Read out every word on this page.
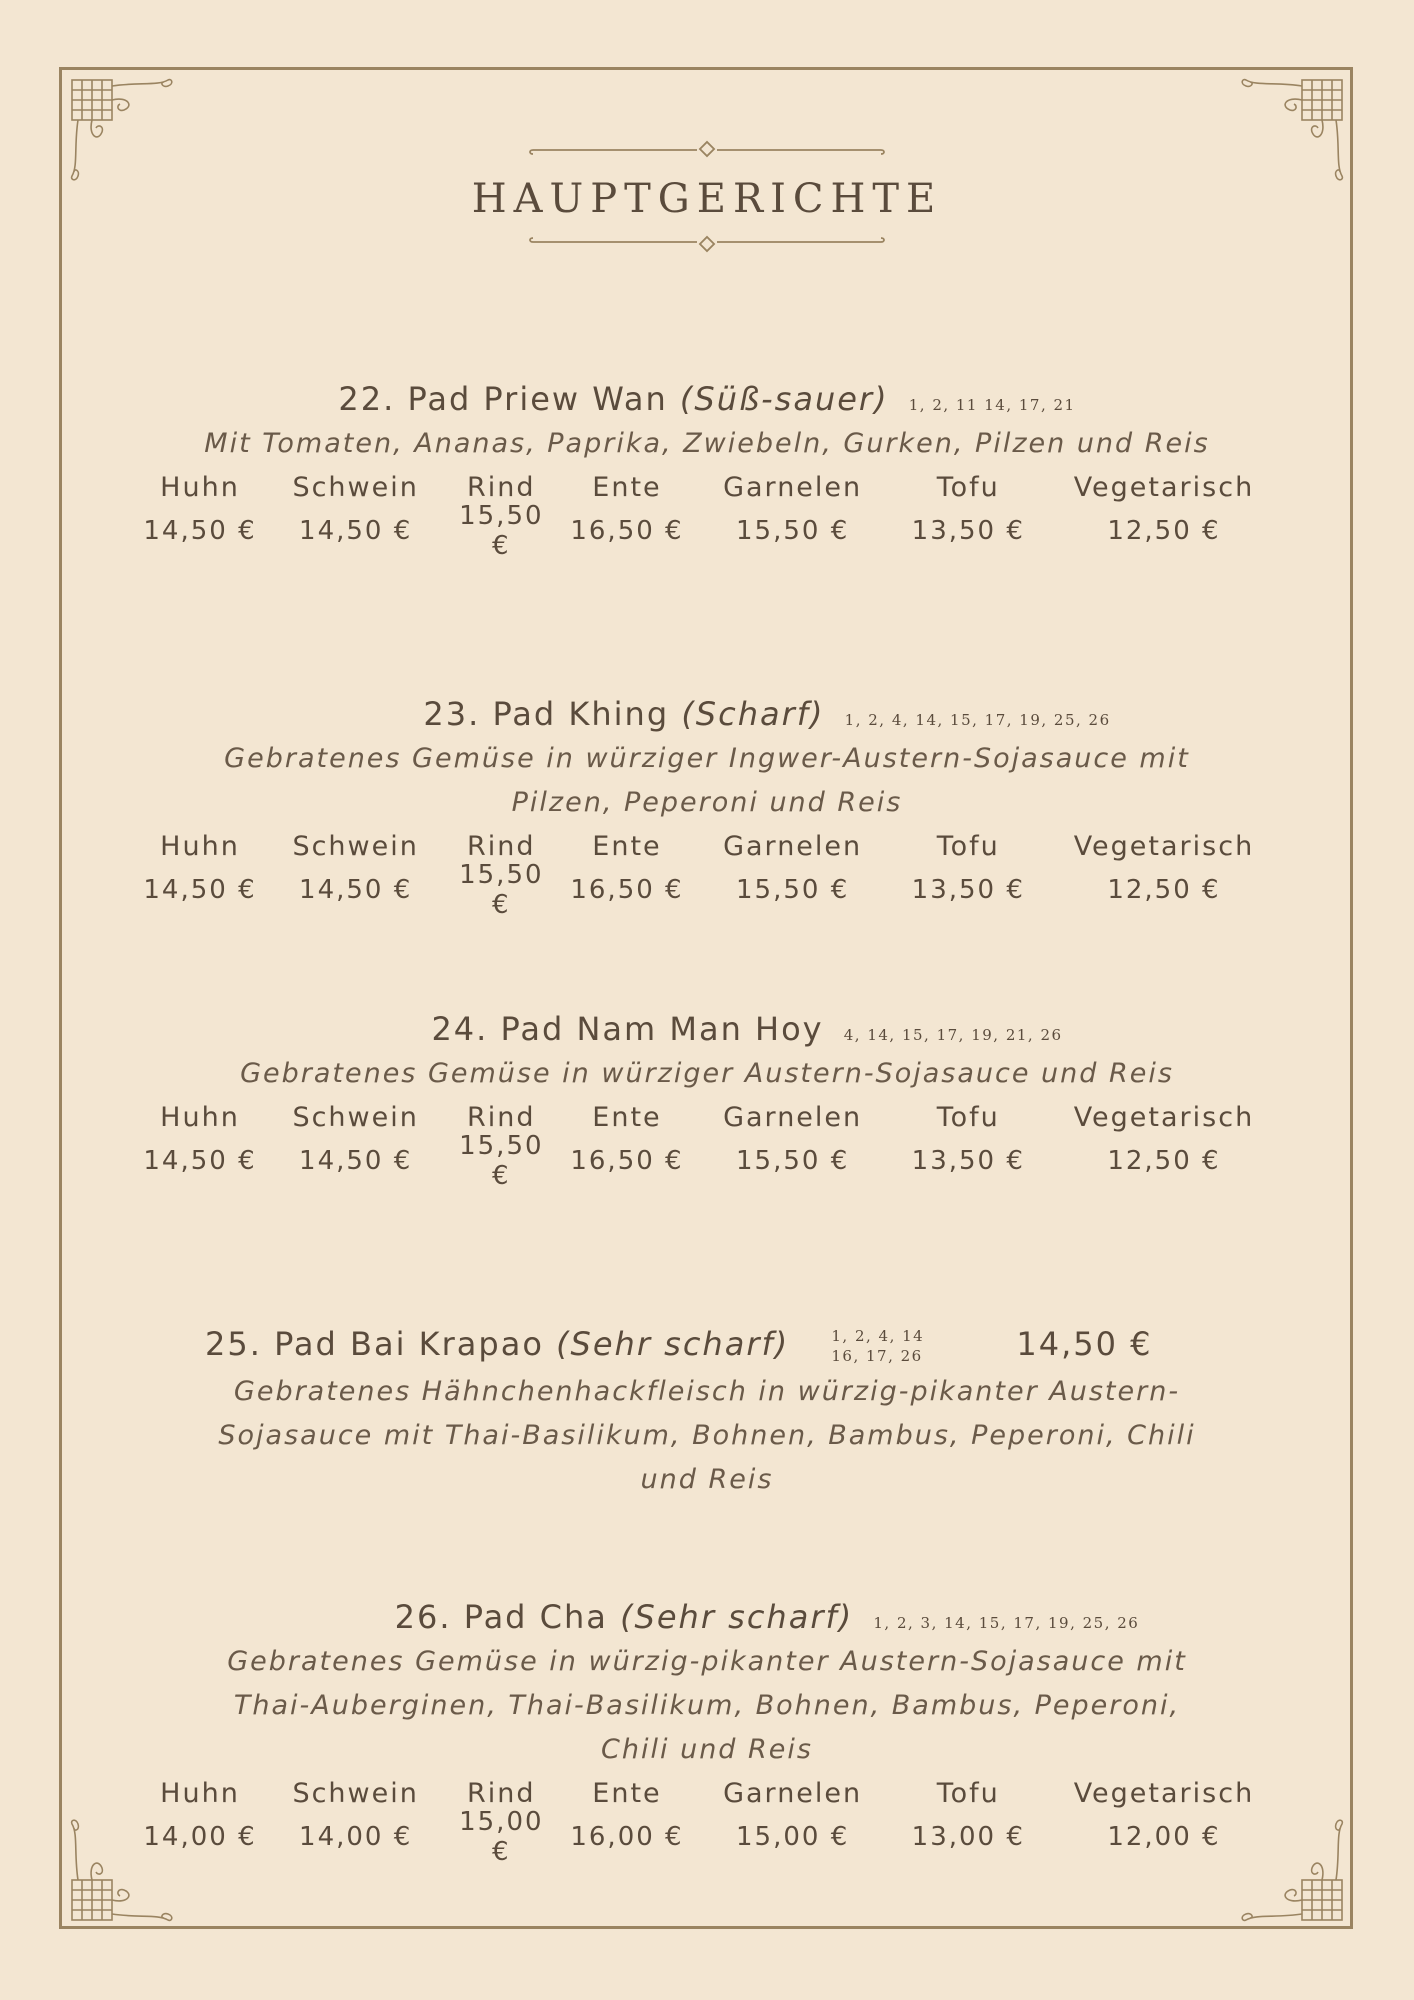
HAUPTGERICHTE
22. Pad Priew Wan (Süß-sauer) 1, 2, 11 14, 17, 21
Mit Tomaten, Ananas, Paprika, Zwiebeln, Gurken, Pilzen und Reis
Huhn	Schwein	Rind	Ente	Garnelen	Tofu	Vegetarisch
14,50 €	14,50 €	15,50 €	16,50 €	15,50 €	13,50 €	12,50 €
23. Pad Khing (Scharf) 1, 2, 4, 14, 15, 17, 19, 25, 26
Gebratenes Gemüse in würziger Ingwer-Austern-Sojasauce mit
Pilzen, Peperoni und Reis
Huhn	Schwein	Rind	Ente	Garnelen	Tofu	Vegetarisch
14,50 €	14,50 €	15,50 €	16,50 €	15,50 €	13,50 €	12,50 €
24. Pad Nam Man Hoy 4, 14, 15, 17, 19, 21, 26
Gebratenes Gemüse in würziger Austern-Sojasauce und Reis
Huhn	Schwein	Rind	Ente	Garnelen	Tofu	Vegetarisch
14,50 €	14,50 €	15,50 €	16,50 €	15,50 €	13,50 €	12,50 €
25. Pad Bai Krapao (Sehr scharf)	1, 2, 4, 14
16, 17, 26	14,50 €
Gebratenes Hähnchenhackfleisch in würzig-pikanter Austern-
Sojasauce mit Thai-Basilikum, Bohnen, Bambus, Peperoni, Chili
und Reis
26. Pad Cha (Sehr scharf) 1, 2, 3, 14, 15, 17, 19, 25, 26
Gebratenes Gemüse in würzig-pikanter Austern-Sojasauce mit
Thai-Auberginen, Thai-Basilikum, Bohnen, Bambus, Peperoni,
Chili und Reis
Huhn	Schwein	Rind	Ente	Garnelen	Tofu	Vegetarisch
14,00 €	14,00 €	15,00 €	16,00 €	15,00 €	13,00 €	12,00 €
